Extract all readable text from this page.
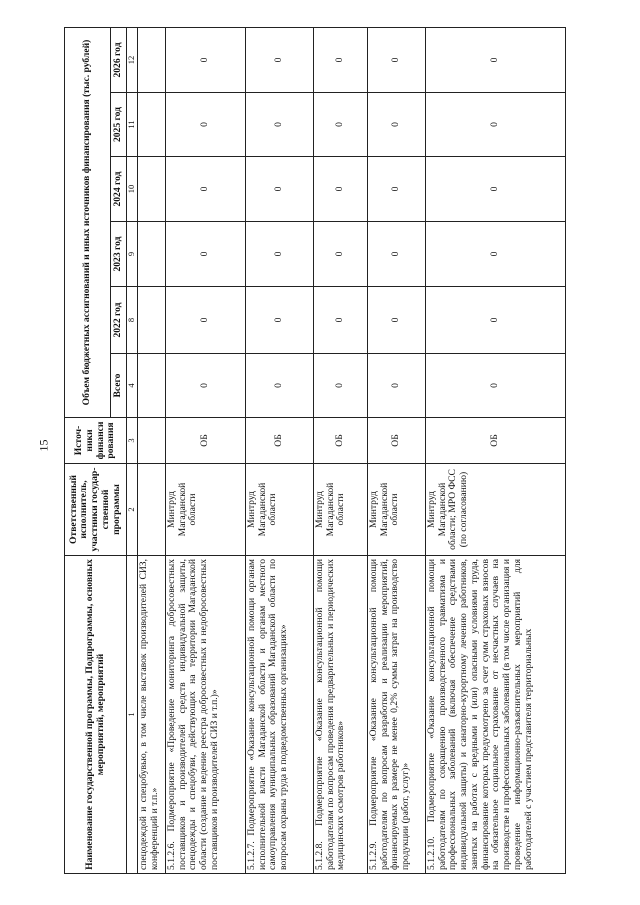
15
Наименование государственной программы, Подпрограммы, основных мероприятий, мероприятий	Ответственный исполнитель, участники государ-ственной программы	Источ-ники финанси рования	Объем бюджетных ассигнований и иных источников финансирования (тыс. рублей)					
			Всего	2022 год	2023 год	2024 год	2025 год	2026 год
1	2	3	4	8	9	10	11	12
спецодеждой и спецобувью, в том числе выставок производителей СИЗ, конференций и т.п.»								
5.1.2.6. Подмероприятие «Проведение мониторинга добросовестных поставщиков и производителей средств индивидуальной защиты, спецодежды и спецобуви, действующих на территории Магаданской области (создание и ведение реестра добросовестных и недобросовестных поставщиков и производителей СИЗ и т.п.)»	Минтруд Магаданской области	ОБ	0	0	0	0	0	0
5.1.2.7. Подмероприятие «Оказание консультационной помощи органам исполнительной власти Магаданской области и органам местного самоуправления муниципальных образований Магаданской области по вопросам охраны труда в подведомственных организациях»	Минтруд Магаданской области	ОБ	0	0	0	0	0	0
5.1.2.8. Подмероприятие «Оказание консультационной помощи работодателям по вопросам проведения предварительных и периодических медицинских осмотров работников»	Минтруд Магаданской области	ОБ	0	0	0	0	0	0
5.1.2.9. Подмероприятие «Оказание консультационной помощи работодателям по вопросам разработки и реализации мероприятий, финансируемых в размере не менее 0,2% суммы затрат на производство продукции (работ, услуг)»	Минтруд Магаданской области	ОБ	0	0	0	0	0	0
5.1.2.10. Подмероприятие «Оказание консультационной помощи работодателям по сокращению производственного травматизма и профессиональных заболеваний (включая обеспечение средствами индивидуальной защиты) и санаторно-курортному лечению работников, занятых на работах с вредными и (или) опасными условиями труда, финансирование которых предусмотрено за счет сумм страховых взносов на обязательное социальное страхование от несчастных случаев на производстве и профессиональных заболеваний (в том числе организация и проведение информационно-разъяснительных мероприятий для работодателей с участием представителя территориальных	Минтруд Магаданской области; МРО ФСС (по согласованию)	ОБ	0	0	0	0	0	0
